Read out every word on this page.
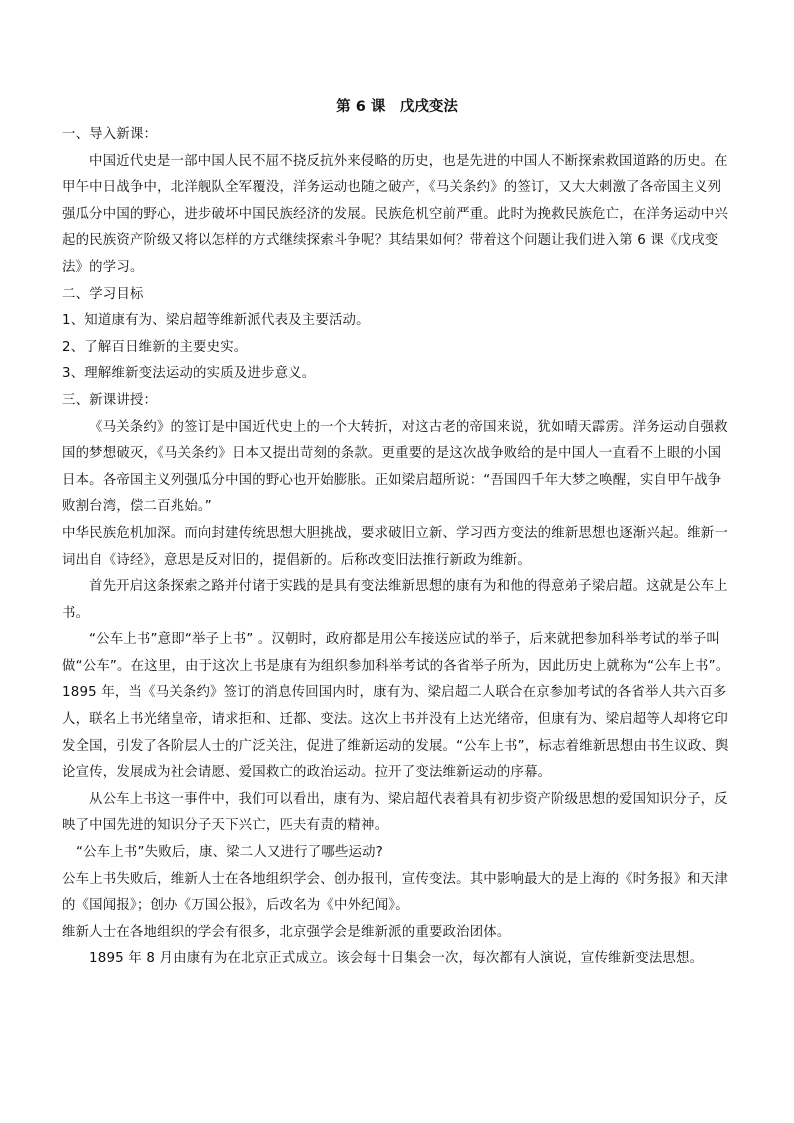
第 6 课　戊戌变法

一、导入新课：

中国近代史是一部中国人民不屈不挠反抗外来侵略的历史，也是先进的中国人不断探索救国道路的历史。在甲午中日战争中，北洋舰队全军覆没，洋务运动也随之破产，《马关条约》的签订，又大大刺激了各帝国主义列强瓜分中国的野心，进步破坏中国民族经济的发展。民族危机空前严重。此时为挽救民族危亡，在洋务运动中兴起的民族资产阶级又将以怎样的方式继续探索斗争呢？其结果如何？带着这个问题让我们进入第 6 课《戊戌变法》的学习。

二、学习目标

1、知道康有为、梁启超等维新派代表及主要活动。

2、了解百日维新的主要史实。

3、理解维新变法运动的实质及进步意义。

三、新课讲授：

《马关条约》的签订是中国近代史上的一个大转折，对这古老的帝国来说，犹如晴天霹雳。洋务运动自强救国的梦想破灭，《马关条约》日本又提出苛刻的条款。更重要的是这次战争败给的是中国人一直看不上眼的小国日本。各帝国主义列强瓜分中国的野心也开始膨胀。正如梁启超所说：“吾国四千年大梦之唤醒，实自甲午战争败割台湾，偿二百兆始。”

中华民族危机加深。而向封建传统思想大胆挑战，要求破旧立新、学习西方变法的维新思想也逐渐兴起。维新一词出自《诗经》，意思是反对旧的，提倡新的。后称改变旧法推行新政为维新。

首先开启这条探索之路并付诸于实践的是具有变法维新思想的康有为和他的得意弟子梁启超。这就是公车上书。

“公车上书”意即“举子上书” 。汉朝时，政府都是用公车接送应试的举子，后来就把参加科举考试的举子叫做“公车”。在这里，由于这次上书是康有为组织参加科举考试的各省举子所为，因此历史上就称为“公车上书”。

1895 年，当《马关条约》签订的消息传回国内时，康有为、梁启超二人联合在京参加考试的各省举人共六百多人，联名上书光绪皇帝，请求拒和、迁都、变法。这次上书并没有上达光绪帝，但康有为、梁启超等人却将它印发全国，引发了各阶层人士的广泛关注，促进了维新运动的发展。“公车上书”，标志着维新思想由书生议政、舆论宣传，发展成为社会请愿、爱国救亡的政治运动。拉开了变法维新运动的序幕。

从公车上书这一事件中，我们可以看出，康有为、梁启超代表着具有初步资产阶级思想的爱国知识分子，反映了中国先进的知识分子天下兴亡，匹夫有责的精神。

“公车上书”失败后，康、梁二人又进行了哪些运动?

公车上书失败后，维新人士在各地组织学会、创办报刊，宣传变法。其中影响最大的是上海的《时务报》和天津的《国闻报》；创办《万国公报》，后改名为《中外纪闻》。

维新人士在各地组织的学会有很多，北京强学会是维新派的重要政治团体。

1895 年 8 月由康有为在北京正式成立。该会每十日集会一次，每次都有人演说，宣传维新变法思想。
